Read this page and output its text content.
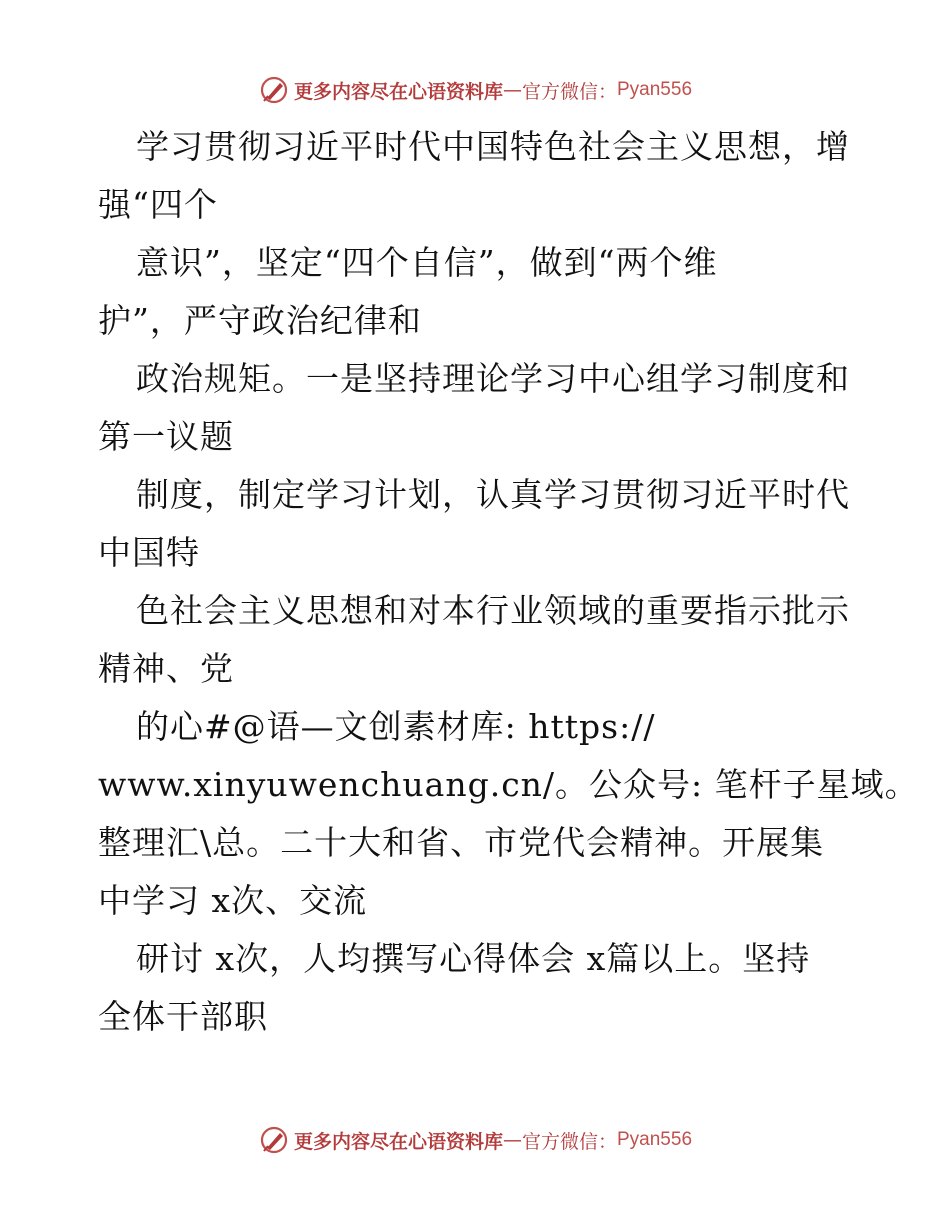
更多内容尽在心语资料库 — 官方微信： Pyan556
学习贯彻习近平时代中国特色社会主义思想，增
强“四个
意识”，坚定“四个自信”，做到“两个维
护”，严守政治纪律和
政治规矩。一是坚持理论学习中心组学习制度和
第一议题
制度，制定学习计划，认真学习贯彻习近平时代
中国特
色社会主义思想和对本行业领域的重要指示批示
精神、党
的心#@语—文创素材库: https://
www.xinyuwenchuang.cn/。公众号: 笔杆子星域。
整理汇\总。二十大和省、市党代会精神。开展集
中学习 x次、交流
研讨 x次，人均撰写心得体会 x篇以上。坚持
全体干部职
更多内容尽在心语资料库 — 官方微信： Pyan556
